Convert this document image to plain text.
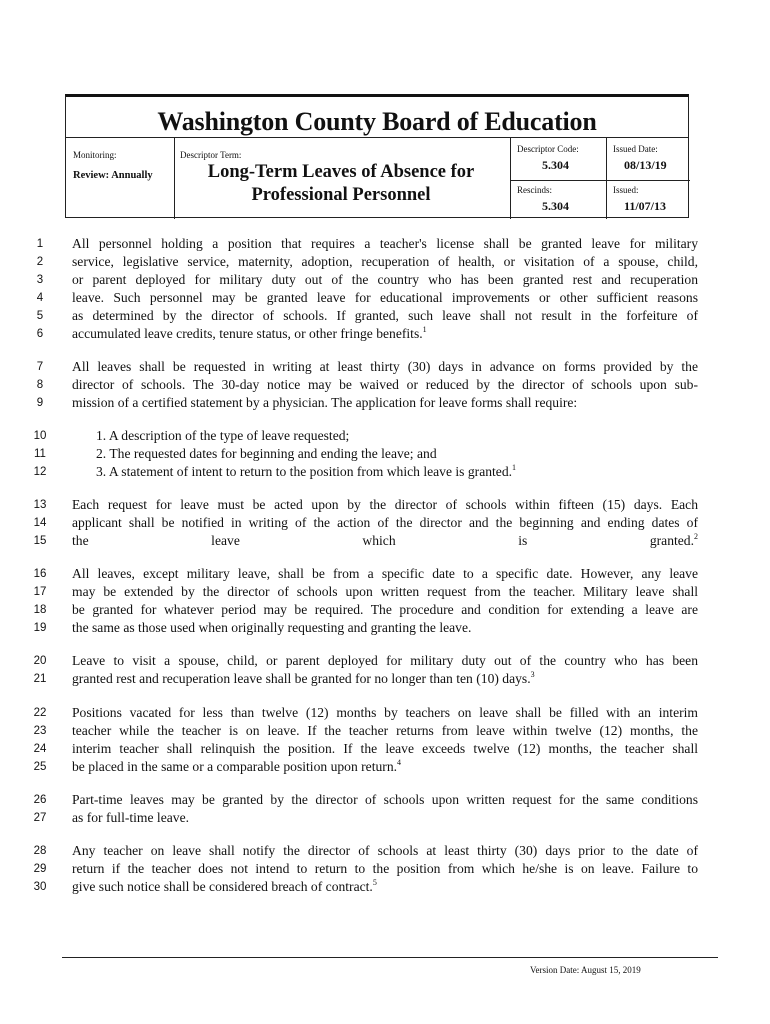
Washington County Board of Education
Monitoring:
Review: Annually
Descriptor Term:
Long-Term Leaves of Absence for
Professional Personnel
Descriptor Code:
5.304
Issued Date:
08/13/19
Rescinds:
5.304
Issued:
11/07/13
1	All personnel holding a position that requires a teacher's license shall be granted leave for military
2	service, legislative service, maternity, adoption, recuperation of health, or visitation of a spouse, child,
3	or parent deployed for military duty out of the country who has been granted rest and recuperation
4	leave. Such personnel may be granted leave for educational improvements or other sufficient reasons
5	as determined by the director of schools. If granted, such leave shall not result in the forfeiture of
6	accumulated leave credits, tenure status, or other fringe benefits.$^1$
7	All leaves shall be requested in writing at least thirty (30) days in advance on forms provided by the
8	director of schools. The 30-day notice may be waived or reduced by the director of schools upon sub-
9	mission of a certified statement by a physician. The application for leave forms shall require:
10	1. A description of the type of leave requested;
11	2. The requested dates for beginning and ending the leave; and
12	3. A statement of intent to return to the position from which leave is granted.$^1$
13	Each request for leave must be acted upon by the director of schools within fifteen (15) days. Each
14	applicant shall be notified in writing of the action of the director and the beginning and ending dates of
15	the leave which is granted.$^2$
16	All leaves, except military leave, shall be from a specific date to a specific date. However, any leave
17	may be extended by the director of schools upon written request from the teacher. Military leave shall
18	be granted for whatever period may be required. The procedure and condition for extending a leave are
19	the same as those used when originally requesting and granting the leave.
20	Leave to visit a spouse, child, or parent deployed for military duty out of the country who has been
21	granted rest and recuperation leave shall be granted for no longer than ten (10) days.$^3$
22	Positions vacated for less than twelve (12) months by teachers on leave shall be filled with an interim
23	teacher while the teacher is on leave. If the teacher returns from leave within twelve (12) months, the
24	interim teacher shall relinquish the position. If the leave exceeds twelve (12) months, the teacher shall
25	be placed in the same or a comparable position upon return.$^4$
26	Part-time leaves may be granted by the director of schools upon written request for the same conditions
27	as for full-time leave.
28	Any teacher on leave shall notify the director of schools at least thirty (30) days prior to the date of
29	return if the teacher does not intend to return to the position from which he/she is on leave. Failure to
30	give such notice shall be considered breach of contract.$^5$
Version Date: August 15, 2019
